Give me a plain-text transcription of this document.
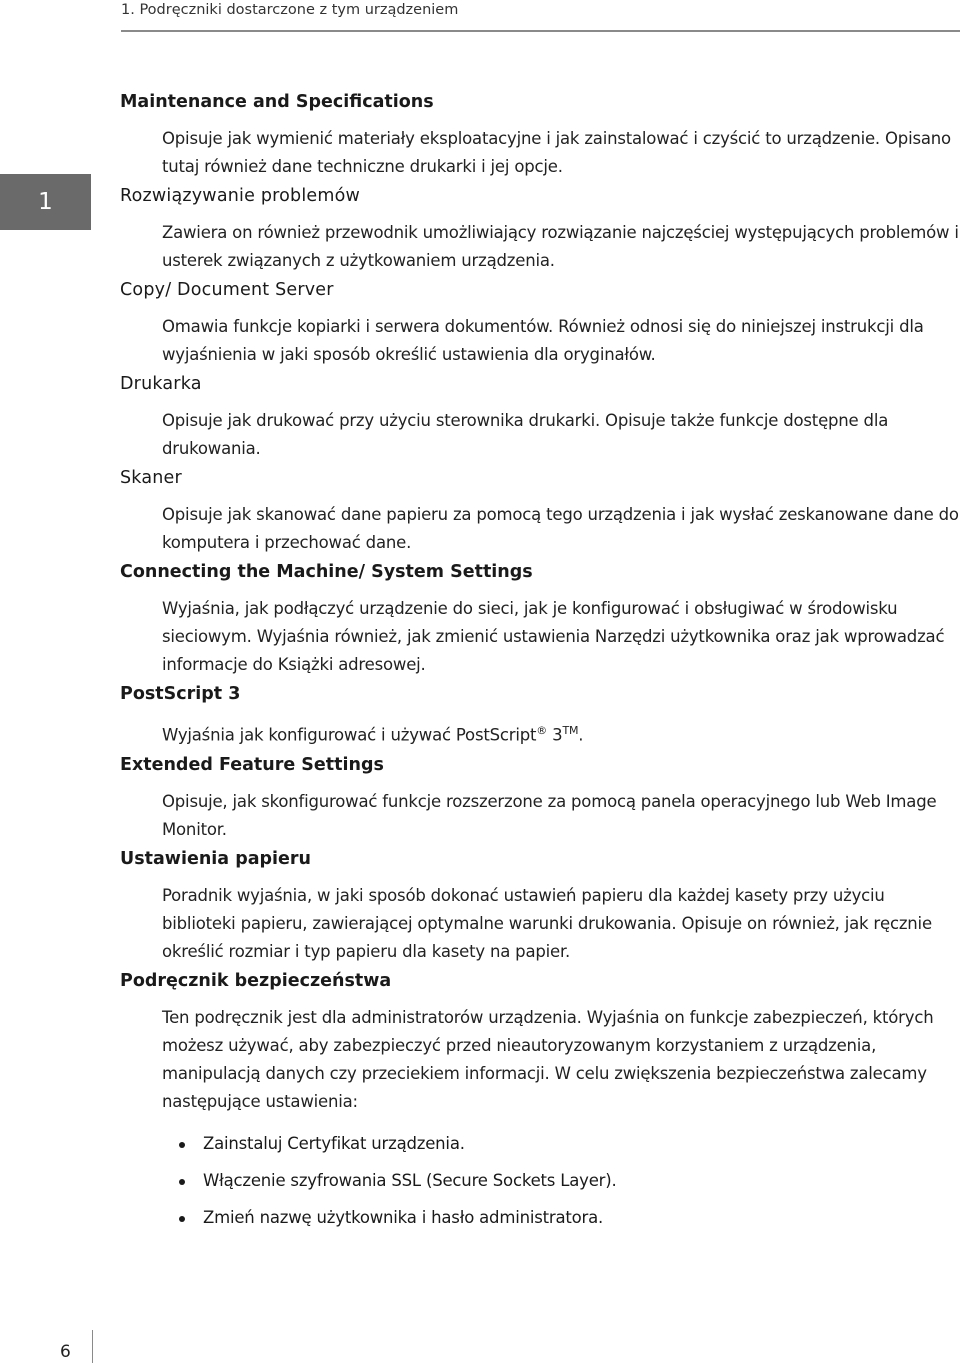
1. Podręczniki dostarczone z tym urządzeniem
1

Maintenance and Specifications

Opisuje jak wymienić materiały eksploatacyjne i jak zainstalować i czyścić to urządzenie. Opisano tutaj również dane techniczne drukarki i jej opcje.

Rozwiązywanie problemów

Zawiera on również przewodnik umożliwiający rozwiązanie najczęściej występujących problemów i usterek związanych z użytkowaniem urządzenia.

Copy/ Document Server

Omawia funkcje kopiarki i serwera dokumentów. Również odnosi się do niniejszej instrukcji dla wyjaśnienia w jaki sposób określić ustawienia dla oryginałów.

Drukarka

Opisuje jak drukować przy użyciu sterownika drukarki. Opisuje także funkcje dostępne dla drukowania.

Skaner

Opisuje jak skanować dane papieru za pomocą tego urządzenia i jak wysłać zeskanowane dane do komputera i przechować dane.

Connecting the Machine/ System Settings

Wyjaśnia, jak podłączyć urządzenie do sieci, jak je konfigurować i obsługiwać w środowisku sieciowym. Wyjaśnia również, jak zmienić ustawienia Narzędzi użytkownika oraz jak wprowadzać informacje do Książki adresowej.

PostScript 3

Wyjaśnia jak konfigurować i używać PostScript® 3™.

Extended Feature Settings

Opisuje, jak skonfigurować funkcje rozszerzone za pomocą panela operacyjnego lub Web Image Monitor.

Ustawienia papieru

Poradnik wyjaśnia, w jaki sposób dokonać ustawień papieru dla każdej kasety przy użyciu biblioteki papieru, zawierającej optymalne warunki drukowania. Opisuje on również, jak ręcznie określić rozmiar i typ papieru dla kasety na papier.

Podręcznik bezpieczeństwa

Ten podręcznik jest dla administratorów urządzenia. Wyjaśnia on funkcje zabezpieczeń, których możesz używać, aby zabezpieczyć przed nieautoryzowanym korzystaniem z urządzenia, manipulacją danych czy przeciekiem informacji. W celu zwiększenia bezpieczeństwa zalecamy następujące ustawienia:
Zainstaluj Certyfikat urządzenia.
Włączenie szyfrowania SSL (Secure Sockets Layer).
Zmień nazwę użytkownika i hasło administratora.
6
